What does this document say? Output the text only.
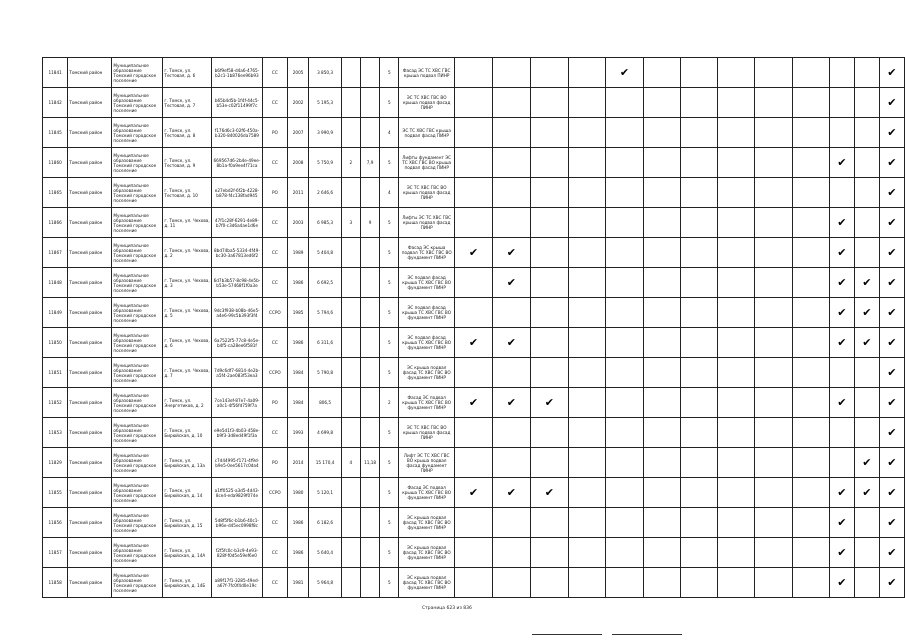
11841	Томский район	Муниципальное образование Томский городское поселение	г. Томск, ул. Тестовая, д. 6	b6f9ef58-d4a6-4765-b2c1-1b876ee96b93	СС	2005	3 850,3			5	Фасад ЭС ТС ХВС ГВС крыша подвал ПИНР					✔								✔
11842	Томский район	Муниципальное образование Томский городское поселение	г. Томск, ул. Тестовая, д. 7	b65b4d5b-1f4f-44c5-b53e-c02f11499f7c	СС	2002	5 195,3			5	ЭС ТС ХВС ГВС ВО крыша подвал фасад ПИНР													✔
11845	Томский район	Муниципальное образование Томский городское поселение	г. Томск, ул. Тестовая, д. 8	f176d6c3-02f6-450a-b320-840026da7589	РО	2007	3 990,9			4	ЭС ТС ХВС ГВС крыша подвал фасад ПИНР													✔
11860	Томский район	Муниципальное образование Томский городское поселение	г. Томск, ул. Тестовая, д. 9	669567d6-2b4e-49ee-8b1a-f0a9ee4f71ca	СС	2008	5 750,9	2	7,9	5	Лифты фундамент ЭС ТС ХВС ГВС ВО крыша подвал фасад ПИНР											✔		✔
11865	Томский район	Муниципальное образование Томский городское поселение	г. Томск, ул. Тестовая, д. 10	e27ebd2f-6f2b-4228-b878-f4c138fad945	РО	2011	2 646,6			4	ЭС ТС ХВС ГВС ВО крыша подвал фасад ПИНР													✔
11866	Томский район	Муниципальное образование Томский городское поселение	г. Томск, ул. Чехова, д. 11	47f1c28f-6291-4e89-b7f0-c3d6a4ae1d6e	СС	2003	6 985,3	3	9	5	Лифты ЭС ТС ХВС ГВС крыша подвал фасад ПИНР											✔		✔
11867	Томский район	Муниципальное образование Томский городское поселение	г. Томск, ул. Чехова, д. 2	8bd74ba5-5334-4f49-bc30-3a67813ed6f2	СС	1989	5 404,8			5	Фасад ЭС крыша подвал ТС ХВС ГВС ВО фундамент ПИНР	✔	✔									✔		✔
11848	Томский район	Муниципальное образование Томский городское поселение	г. Томск, ул. Чехова, д. 3	6d7b3b57-8c98-4e5b-b53e-57468f1f0a3e	СС	1986	6 692,5			5	ЭС подвал фасад крыша ТС ХВС ГВС ВО фундамент ПИНР		✔									✔	✔	✔
11849	Томский район	Муниципальное образование Томский городское поселение	г. Томск, ул. Чехова, д. 5	9dc3f938-b08b-46e5-a4e6-99c5b393f3f4	ССРО	1985	5 794,6			5	ЭС подвал фасад крыша ТС ХВС ГВС ВО фундамент ПИНР											✔	✔	✔
11850	Томский район	Муниципальное образование Томский городское поселение	г. Томск, ул. Чехова, д. 6	6a7522f5-77c8-4e5e-b4f5-ca28ee6f581f	СС	1986	6 311,6			5	ЭС подвал фасад крыша ТС ХВС ГВС ВО фундамент ПИНР	✔	✔									✔	✔	✔
11851	Томский район	Муниципальное образование Томский городское поселение	г. Томск, ул. Чехова, д. 7	7d9c6df7-6814-4e2b-a5f4-2ae083f53ea3	ССРО	1984	5 790,8			5	ЭС крыша подвал фасад ТС ХВС ГВС ВО фундамент ПИНР													✔
11852	Томский район	Муниципальное образование Томский городское поселение	г. Томск, ул. Энергетиков, д. 2	7ce143ef-87e7-4a09-a0c1-4f56fd759f7a	РО	1984	806,5			2	Фасад ЭС подвал крыша ТС ХВС ГВС ВО фундамент ПИНР	✔	✔	✔								✔		✔
11853	Томский район	Муниципальное образование Томский городское поселение	г. Томск, ул. Бирюйская, д. 10	e9e5d1f3-4b03-458e-b9f3-3d8ed49f1f3a	СС	1993	4 699,8			5	ЭС ТС ХВС ГВС ВО крыша подвал фасад ПИНР													✔
11829	Томский район	Муниципальное образование Томский городское поселение	г. Томск, ул. Бирюйская, д. 13а	c7d44995-f171-4f9d-b9e5-0ee5617c0da4	РО	2014	15 170,4	4	11,18	5	Лифт ЭС ТС ХВС ГВС ВО крыша подвал фасад фундамент ПИНР												✔	✔
11855	Томский район	Муниципальное образование Томский городское поселение	г. Томск, ул. Бирюйская, д. 14	a1ff0525-a3d5-4d43-8ce4-eda9829f074e	ССРО	1980	5 120,1			5	Фасад ЭС подвал крыша ТС ХВС ГВС ВО фундамент ПИНР	✔	✔	✔								✔	✔	✔
11856	Томский район	Муниципальное образование Томский городское поселение	г. Томск, ул. Бирюйская, д. 15	5d8f5f6c-b1b6-40c1-b96e-d45ec0998f8c	СС	1986	6 182,6			5	ЭС крыша подвал фасад ТС ХВС ГВС ВО фундамент ПИНР											✔		✔
11857	Томский район	Муниципальное образование Томский городское поселение	г. Томск, ул. Бирюйская, д. 14А	f2f5fc0c-b3c9-4e93-828f-f0d5e59ef6e0	СС	1986	5 640,4			5	ЭС крыша подвал фасад ТС ХВС ГВС ВО фундамент ПИНР											✔		✔
11858	Томский район	Муниципальное образование Томский городское поселение	г. Томск, ул. Бирюйская, д. 14Б	a89f17f1-3285-49ed-a67f-7fc0f4d0e19c	СС	1981	5 964,8			5	ЭС крыша подвал фасад ТС ХВС ГВС ВО фундамент ПИНР											✔		✔
Страница 623 из 836
